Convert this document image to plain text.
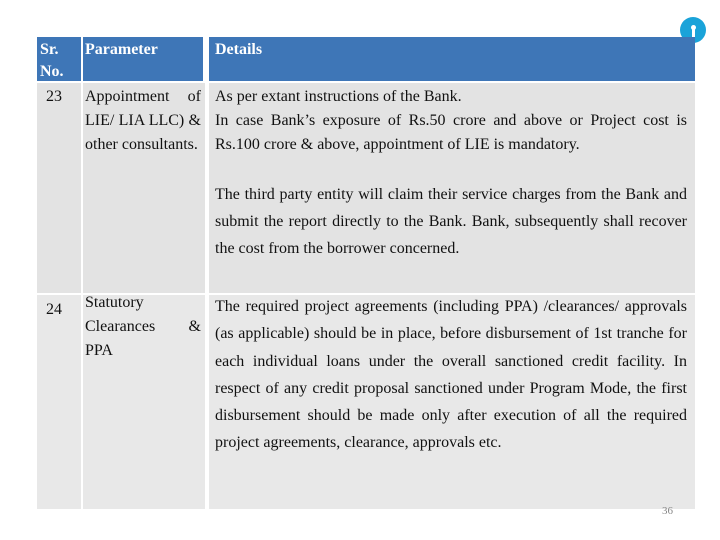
Sr. No.
Parameter	Details
23 Appointment of LIE/ LIA LLC) & other consultants.
As per extant instructions of the Bank.
In case Bank’s exposure of Rs.50 crore and above or Project cost is Rs.100 crore & above, appointment of LIE is mandatory.
The third party entity will claim their service charges from the Bank and submit the report directly to the Bank. Bank, subsequently shall recover the cost from the borrower concerned.
24 Statutory Clearances & PPA
The required project agreements (including PPA) /clearances/ approvals (as applicable) should be in place, before disbursement of 1st tranche for each individual loans under the overall sanctioned credit facility. In respect of any credit proposal sanctioned under Program Mode, the first disbursement should be made only after execution of all the required project agreements, clearance, approvals etc.
36
